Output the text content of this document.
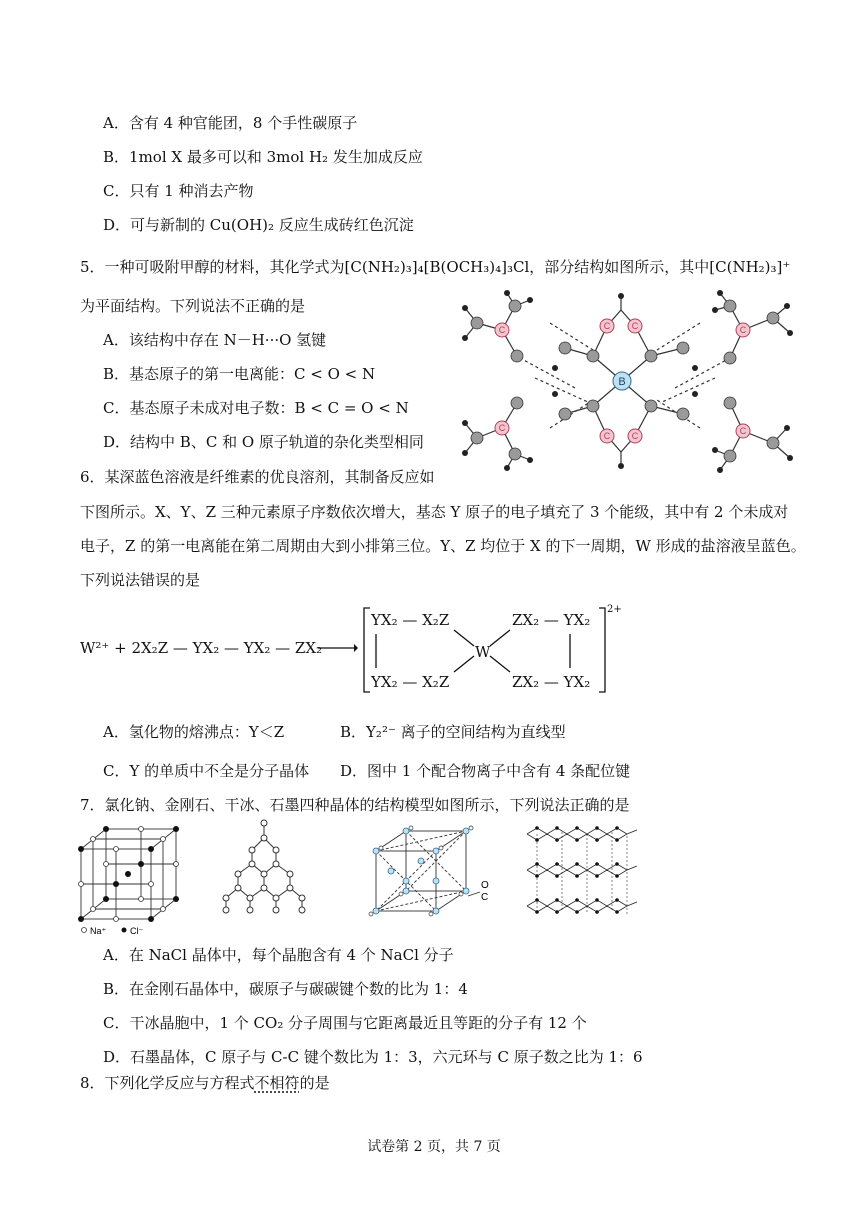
A．含有 4 种官能团，8 个手性碳原子
B．1mol X 最多可以和 3mol H₂ 发生加成反应
C．只有 1 种消去产物
D．可与新制的 Cu(OH)₂ 反应生成砖红色沉淀
5．一种可吸附甲醇的材料，其化学式为[C(NH₂)₃]₄[B(OCH₃)₄]₃Cl，部分结构如图所示，其中[C(NH₂)₃]⁺
为平面结构。下列说法不正确的是
A．该结构中存在 N－H···O 氢键
B．基态原子的第一电离能：C < O < N
C．基态原子未成对电子数：B < C = O < N
D．结构中 B、C 和 O 原子轨道的杂化类型相同
C
C
C
C
C C
C C
B
6．某深蓝色溶液是纤维素的优良溶剂，其制备反应如
下图所示。X、Y、Z 三种元素原子序数依次增大，基态 Y 原子的电子填充了 3 个能级，其中有 2 个未成对
电子，Z 的第一电离能在第二周期由大到小排第三位。Y、Z 均位于 X 的下一周期，W 形成的盐溶液呈蓝色。
下列说法错误的是
W²⁺ + 2X₂Z — YX₂ — YX₂ — ZX₂
YX₂ — X₂Z
YX₂ — X₂Z
ZX₂ — YX₂
ZX₂ — YX₂
W
2+
A．氢化物的熔沸点：Y＜Z	B．Y₂²⁻ 离子的空间结构为直线型
C．Y 的单质中不全是分子晶体 D．图中 1 个配合物离子中含有 4 条配位键
7．氯化钠、金刚石、干冰、石墨四种晶体的结构模型如图所示，下列说法正确的是
Na⁺	Cl⁻
O
C
A．在 NaCl 晶体中，每个晶胞含有 4 个 NaCl 分子
B．在金刚石晶体中，碳原子与碳碳键个数的比为 1：4
C．干冰晶胞中，1 个 CO₂ 分子周围与它距离最近且等距的分子有 12 个
D．石墨晶体，C 原子与 C-C 键个数比为 1：3，六元环与 C 原子数之比为 1：6
8．下列化学反应与方程式不相符的是
试卷第 2 页，共 7 页
